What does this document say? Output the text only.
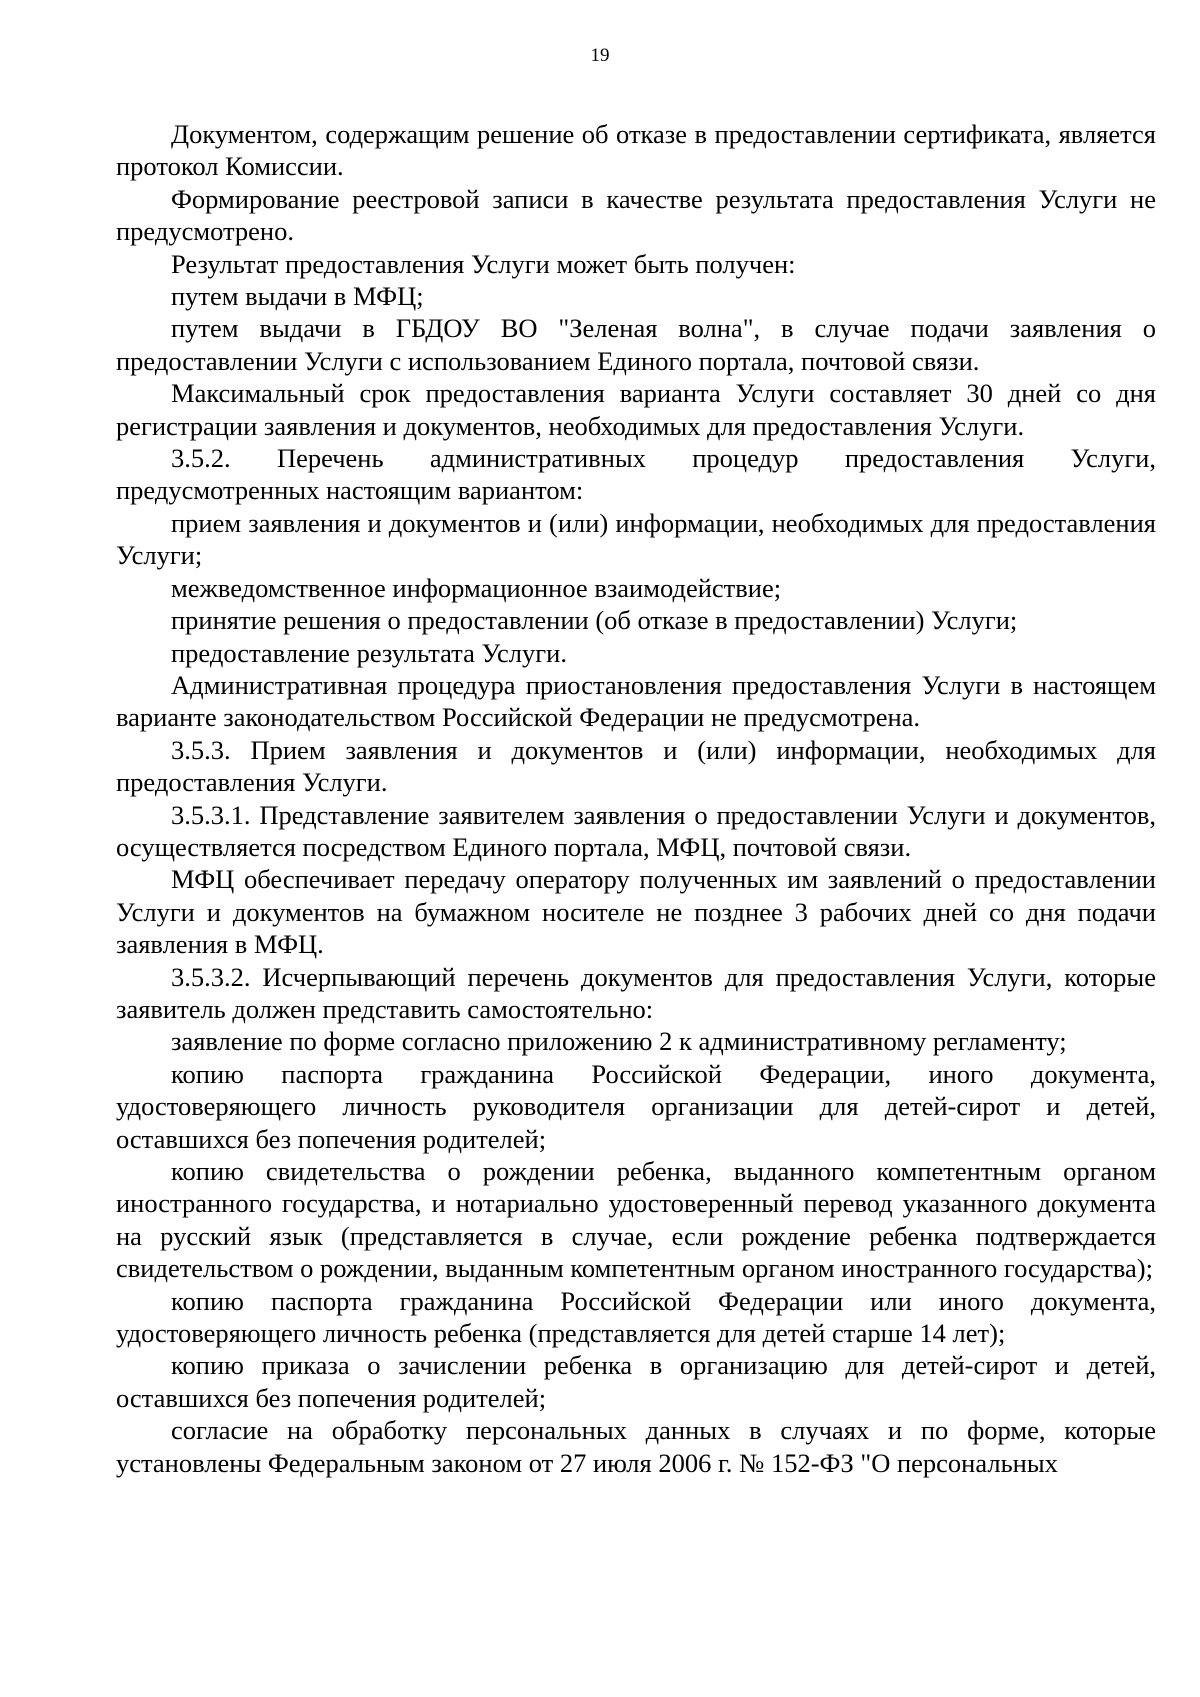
19

Документом, содержащим решение об отказе в предоставлении сертификата, является протокол Комиссии.

Формирование реестровой записи в качестве результата предоставления Услуги не предусмотрено.

Результат предоставления Услуги может быть получен:

путем выдачи в МФЦ;

путем выдачи в ГБДОУ ВО "Зеленая волна", в случае подачи заявления о предоставлении Услуги с использованием Единого портала, почтовой связи.

Максимальный срок предоставления варианта Услуги составляет 30 дней со дня регистрации заявления и документов, необходимых для предоставления Услуги.

3.5.2. Перечень административных процедур предоставления Услуги, предусмотренных настоящим вариантом:

прием заявления и документов и (или) информации, необходимых для предоставления Услуги;

межведомственное информационное взаимодействие;

принятие решения о предоставлении (об отказе в предоставлении) Услуги;

предоставление результата Услуги.

Административная процедура приостановления предоставления Услуги в настоящем варианте законодательством Российской Федерации не предусмотрена.

3.5.3. Прием заявления и документов и (или) информации, необходимых для предоставления Услуги.

3.5.3.1. Представление заявителем заявления о предоставлении Услуги и документов, осуществляется посредством Единого портала, МФЦ, почтовой связи.

МФЦ обеспечивает передачу оператору полученных им заявлений о предоставлении Услуги и документов на бумажном носителе не позднее 3 рабочих дней со дня подачи заявления в МФЦ.

3.5.3.2. Исчерпывающий перечень документов для предоставления Услуги, которые заявитель должен представить самостоятельно:

заявление по форме согласно приложению 2 к административному регламенту;

копию паспорта гражданина Российской Федерации, иного документа, удостоверяющего личность руководителя организации для детей-сирот и детей, оставшихся без попечения родителей;

копию свидетельства о рождении ребенка, выданного компетентным органом иностранного государства, и нотариально удостоверенный перевод указанного документа на русский язык (представляется в случае, если рождение ребенка подтверждается свидетельством о рождении, выданным компетентным органом иностранного государства);

копию паспорта гражданина Российской Федерации или иного документа, удостоверяющего личность ребенка (представляется для детей старше 14 лет);

копию приказа о зачислении ребенка в организацию для детей-сирот и детей, оставшихся без попечения родителей;

согласие на обработку персональных данных в случаях и по форме, которые установлены Федеральным законом от 27 июля 2006 г. № 152-ФЗ "О персональных
